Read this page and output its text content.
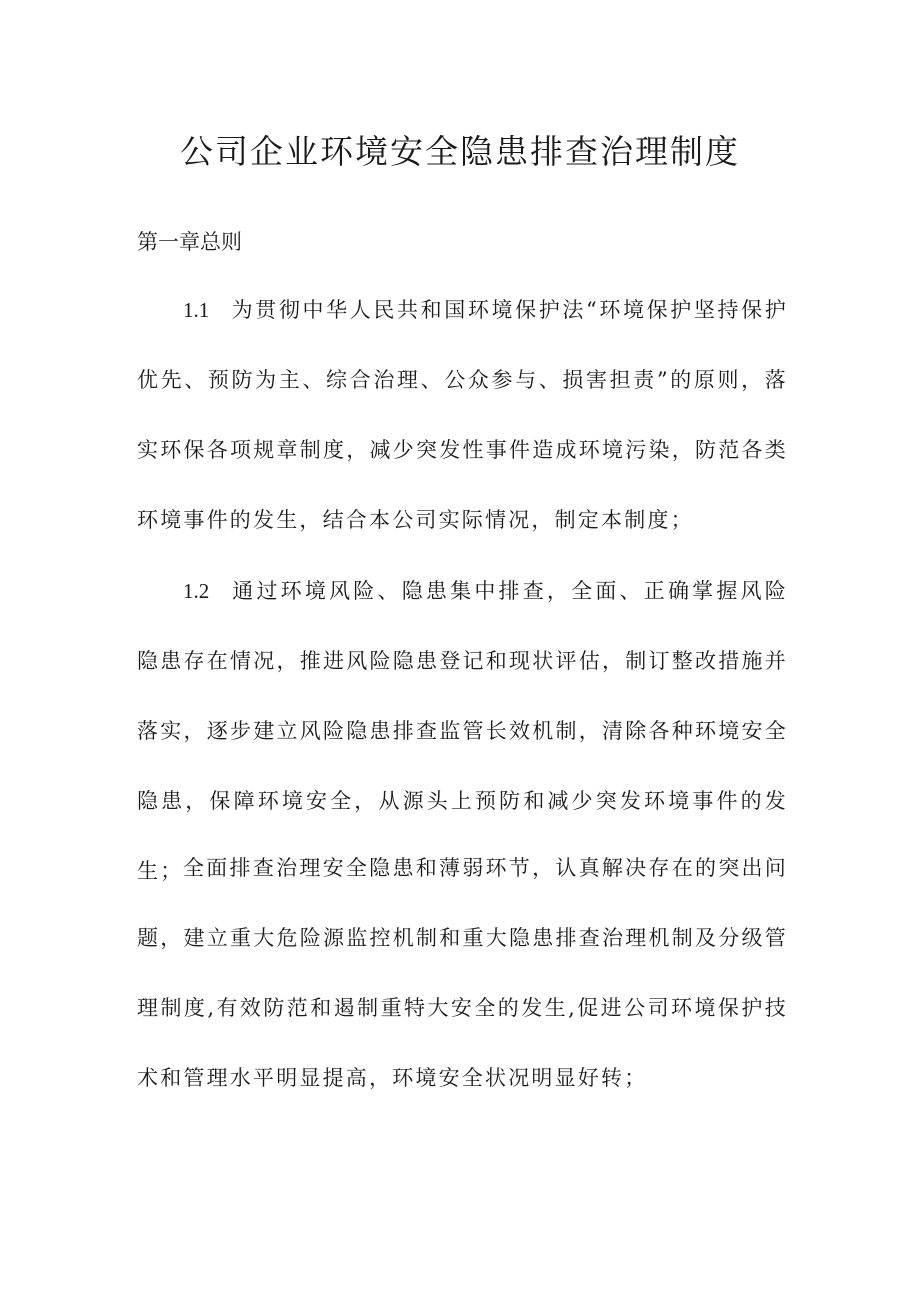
公司企业环境安全隐患排查治理制度

第一章总则

1.1 为贯彻中华人民共和国环境保护法“环境保护坚持保护优先、预防为主、综合治理、公众参与、损害担责”的原则，落实环保各项规章制度，减少突发性事件造成环境污染，防范各类环境事件的发生，结合本公司实际情况，制定本制度；

1.2 通过环境风险、隐患集中排查，全面、正确掌握风险隐患存在情况，推进风险隐患登记和现状评估，制订整改措施并落实，逐步建立风险隐患排查监管长效机制，清除各种环境安全隐患，保障环境安全，从源头上预防和减少突发环境事件的发生； 全面排查治理安全隐患和薄弱环节，认真解决存在的突出问题，建立重大危险源监控机制和重大隐患排查治理机制及分级管理制度,有效防范和遏制重特大安全的发生,促进公司环境保护技术和管理水平明显提高，环境安全状况明显好转；
